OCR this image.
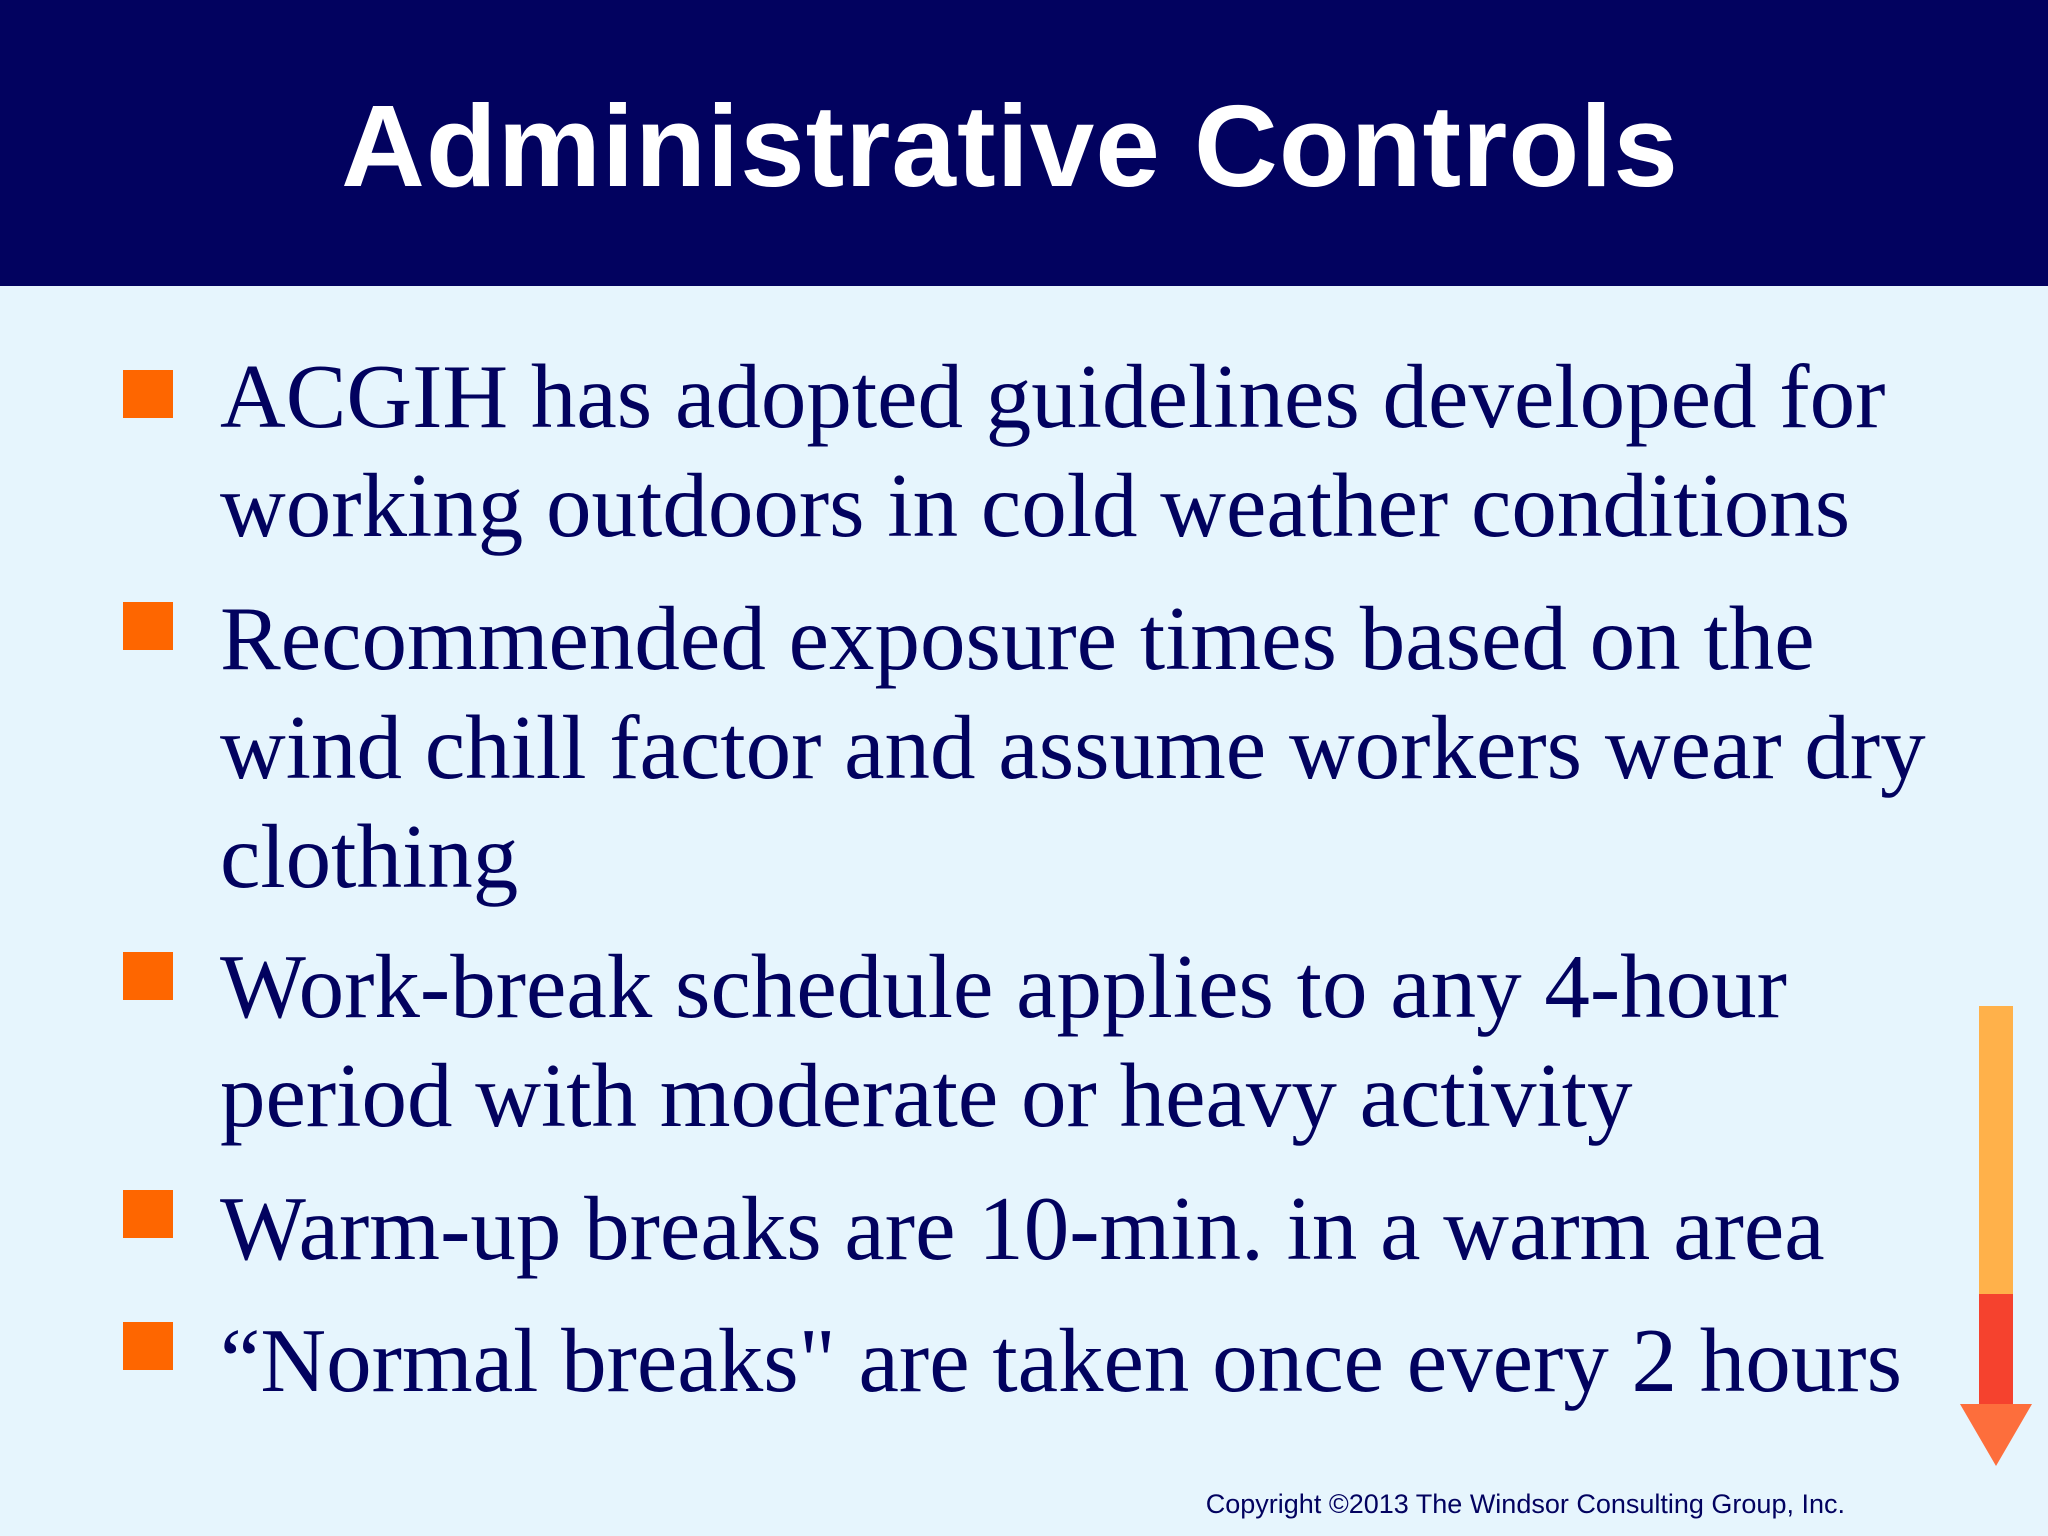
Administrative Controls
ACGIH has adopted guidelines developed for
working outdoors in cold weather conditions
Recommended exposure times based on the
wind chill factor and assume workers wear dry
clothing
Work-break schedule applies to any 4-hour
period with moderate or heavy activity
Warm-up breaks are 10-min. in a warm area
“Normal breaks" are taken once every 2 hours
Copyright ©2013 The Windsor Consulting Group, Inc.
